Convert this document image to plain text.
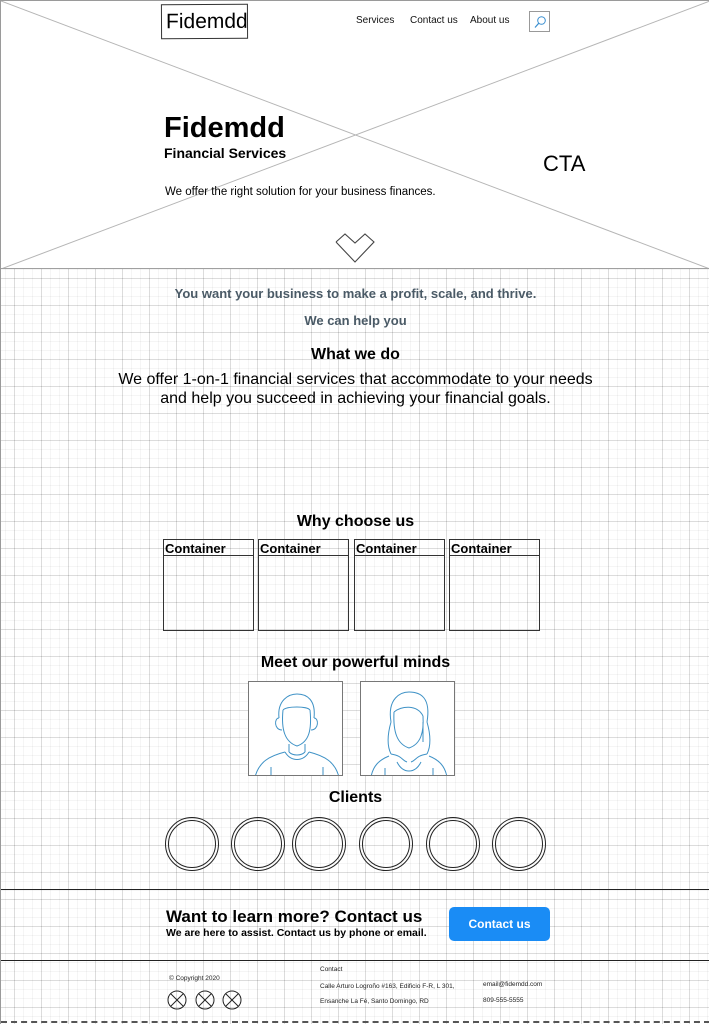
Fidemdd	Services Contact us About us
Fidemdd
Financial Services	CTA
We offer the right solution for your business finances.
You want your business to make a profit, scale, and thrive.
We can help you
What we do
We offer 1-on-1 financial services that accommodate to your needs
and help you succeed in achieving your financial goals.
Why choose us
Container	Container	Container	Container
Meet our powerful minds
Clients
Want to learn more? Contact us
We are here to assist. Contact us by phone or email.
Contact us
© Copyright 2020
Contact
Calle Arturo Logroño #163, Edificio F-R, L 301,
Ensanche La Fé, Santo Domingo, RD
email@fidemdd.com
809-555-5555
